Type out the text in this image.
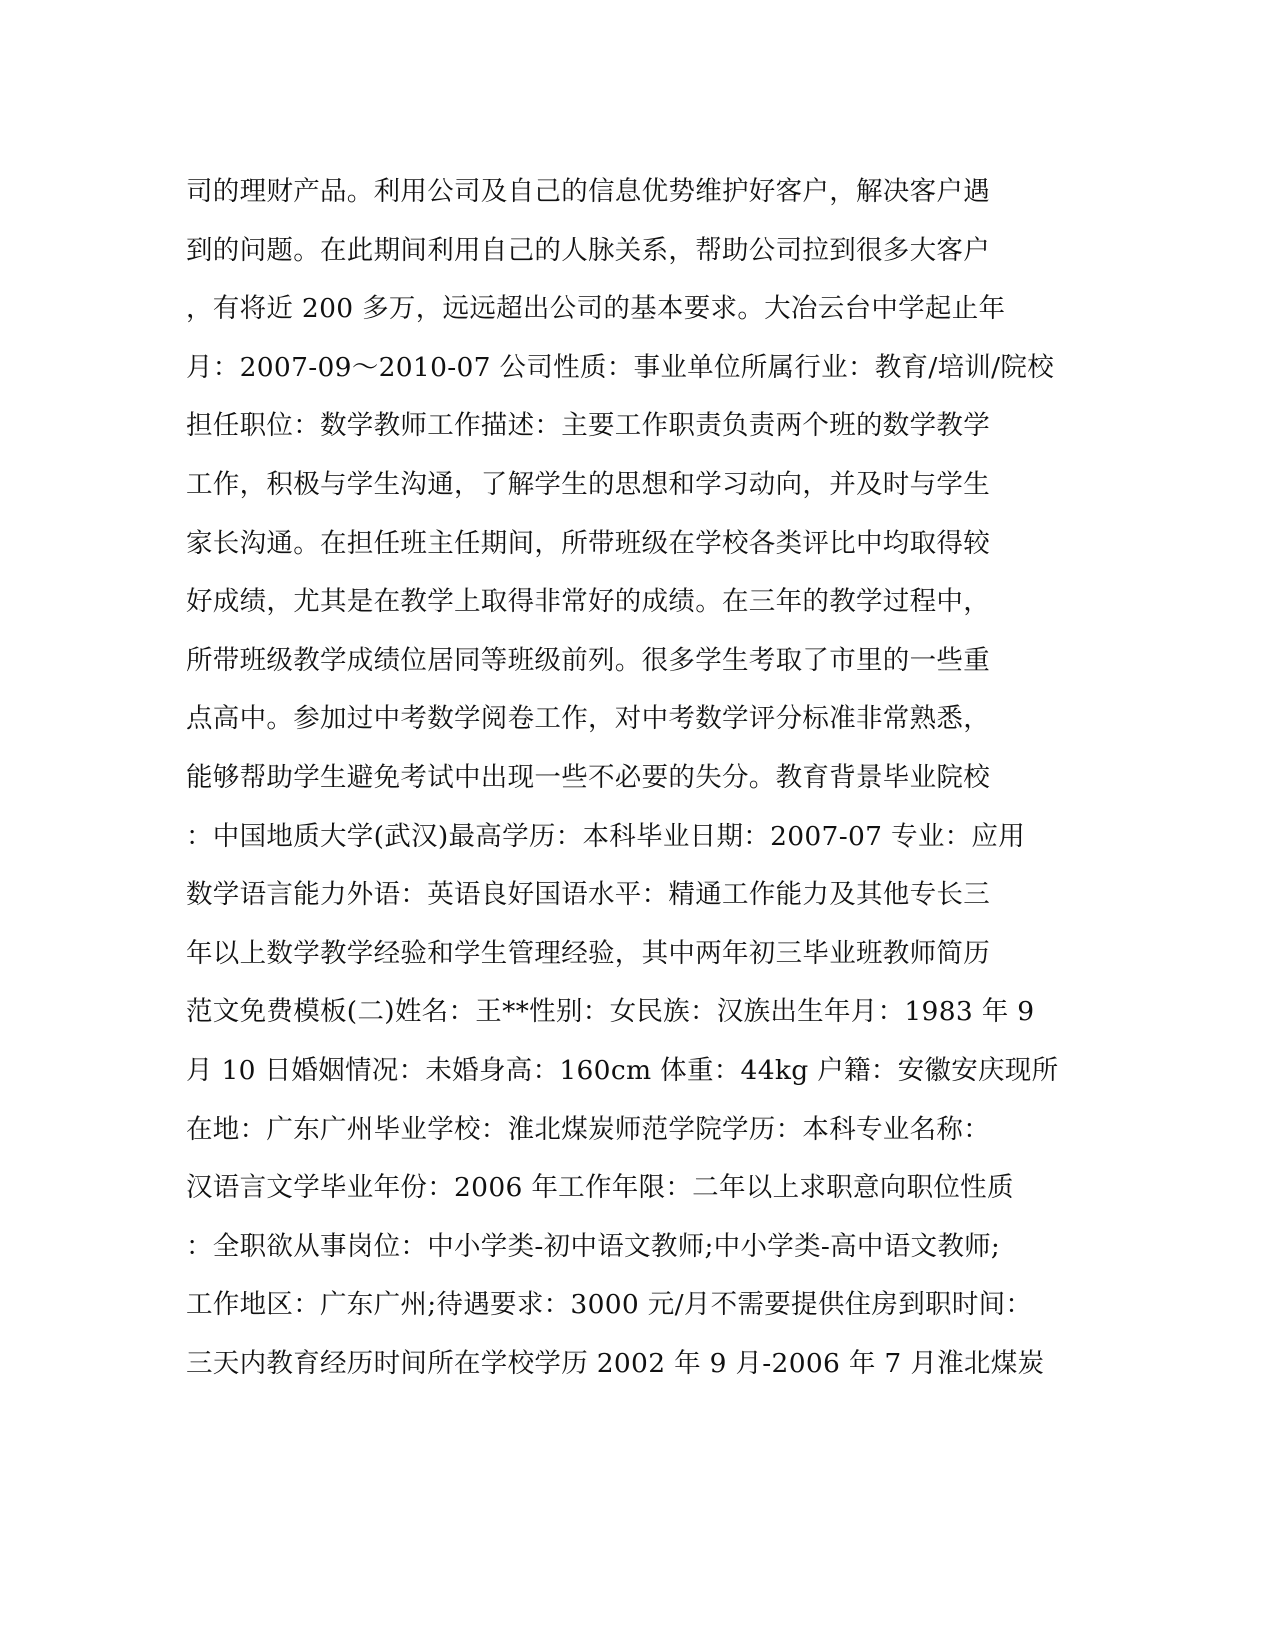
司的理财产品。利用公司及自己的信息优势维护好客户，解决客户遇
到的问题。在此期间利用自己的人脉关系，帮助公司拉到很多大客户
，有将近 200 多万，远远超出公司的基本要求。大冶云台中学起止年
月：2007-09～2010-07 公司性质：事业单位所属行业：教育/培训/院校
担任职位：数学教师工作描述：主要工作职责负责两个班的数学教学
工作，积极与学生沟通，了解学生的思想和学习动向，并及时与学生
家长沟通。在担任班主任期间，所带班级在学校各类评比中均取得较
好成绩，尤其是在教学上取得非常好的成绩。在三年的教学过程中，
所带班级教学成绩位居同等班级前列。很多学生考取了市里的一些重
点高中。参加过中考数学阅卷工作，对中考数学评分标准非常熟悉，
能够帮助学生避免考试中出现一些不必要的失分。教育背景毕业院校
：中国地质大学(武汉)最高学历：本科毕业日期：2007-07 专业：应用
数学语言能力外语：英语良好国语水平：精通工作能力及其他专长三
年以上数学教学经验和学生管理经验，其中两年初三毕业班教师简历
范文免费模板(二)姓名：王**性别：女民族：汉族出生年月：1983 年 9
月 10 日婚姻情况：未婚身高：160cm 体重：44kg 户籍：安徽安庆现所
在地：广东广州毕业学校：淮北煤炭师范学院学历：本科专业名称：
汉语言文学毕业年份：2006 年工作年限：二年以上求职意向职位性质
：全职欲从事岗位：中小学类-初中语文教师;中小学类-高中语文教师;
工作地区：广东广州;待遇要求：3000 元/月不需要提供住房到职时间：
三天内教育经历时间所在学校学历 2002 年 9 月-2006 年 7 月淮北煤炭
